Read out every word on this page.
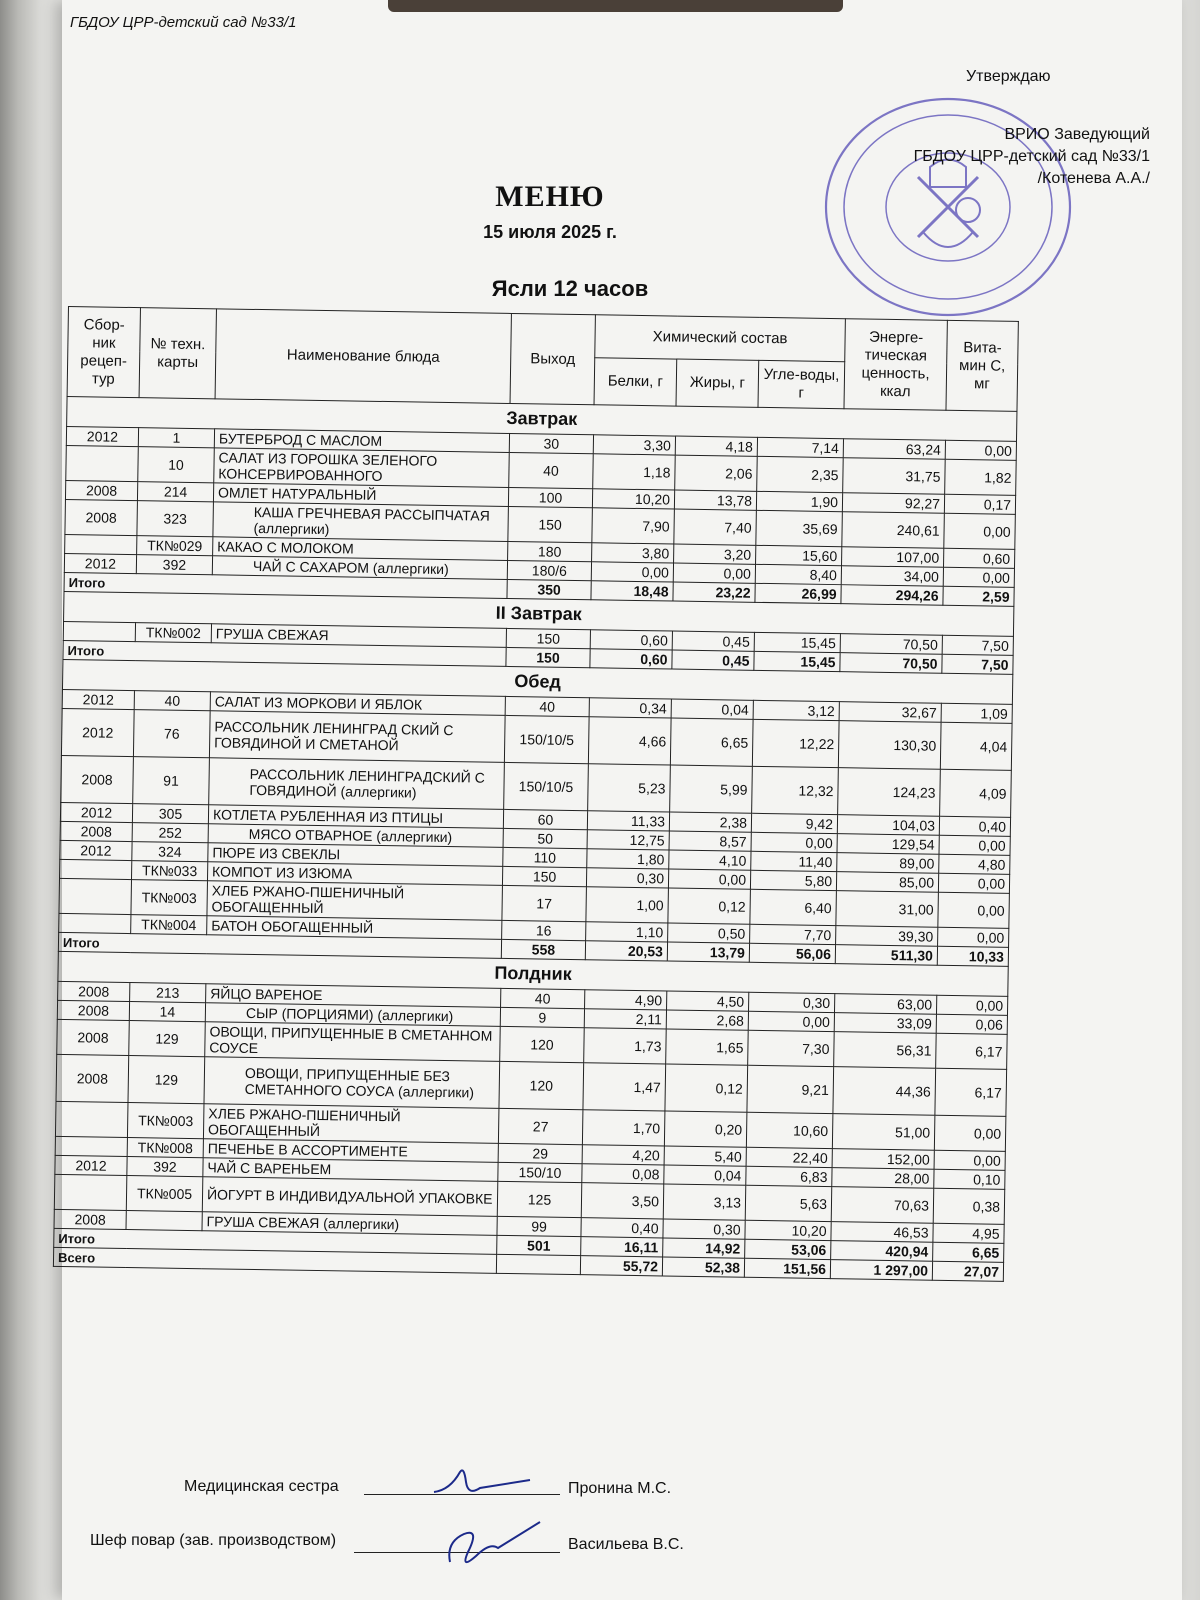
ГБДОУ ЦРР-детский сад №33/1
Утверждаю
ВРИО Заведующий
ГБДОУ ЦРР-детский сад №33/1
/Котенева А.А./
МЕНЮ
15 июля 2025 г.
Ясли 12 часов
Сбор-ник рецеп-тур	№ техн. карты	Наименование блюда	Выход	Химический состав			Энерге-тическая ценность, ккал	Вита-мин С, мг
				Белки, г	Жиры, г	Угле-воды, г		
Завтрак								
2012	1	БУТЕРБРОД С МАСЛОМ	30	3,30	4,18	7,14	63,24	0,00
	10	САЛАТ ИЗ ГОРОШКА ЗЕЛЕНОГО КОНСЕРВИРОВАННОГО	40	1,18	2,06	2,35	31,75	1,82
2008	214	ОМЛЕТ НАТУРАЛЬНЫЙ	100	10,20	13,78	1,90	92,27	0,17
2008	323	КАША ГРЕЧНЕВАЯ РАССЫПЧАТАЯ (аллергики)	150	7,90	7,40	35,69	240,61	0,00
	ТК№029	КАКАО С МОЛОКОМ	180	3,80	3,20	15,60	107,00	0,60
2012	392	ЧАЙ С САХАРОМ (аллергики)	180/6	0,00	0,00	8,40	34,00	0,00
Итого			350	18,48	23,22	26,99	294,26	2,59
II Завтрак								
	ТК№002	ГРУША СВЕЖАЯ	150	0,60	0,45	15,45	70,50	7,50
Итого			150	0,60	0,45	15,45	70,50	7,50
Обед								
2012	40	САЛАТ ИЗ МОРКОВИ И ЯБЛОК	40	0,34	0,04	3,12	32,67	1,09
2012	76	РАССОЛЬНИК ЛЕНИНГРАД СКИЙ С ГОВЯДИНОЙ И СМЕТАНОЙ	150/10/5	4,66	6,65	12,22	130,30	4,04
2008	91	РАССОЛЬНИК ЛЕНИНГРАДСКИЙ С ГОВЯДИНОЙ (аллергики)	150/10/5	5,23	5,99	12,32	124,23	4,09
2012	305	КОТЛЕТА РУБЛЕННАЯ ИЗ ПТИЦЫ	60	11,33	2,38	9,42	104,03	0,40
2008	252	МЯСО ОТВАРНОЕ (аллергики)	50	12,75	8,57	0,00	129,54	0,00
2012	324	ПЮРЕ ИЗ СВЕКЛЫ	110	1,80	4,10	11,40	89,00	4,80
	ТК№033	КОМПОТ ИЗ ИЗЮМА	150	0,30	0,00	5,80	85,00	0,00
	ТК№003	ХЛЕБ РЖАНО-ПШЕНИЧНЫЙ ОБОГАЩЕННЫЙ	17	1,00	0,12	6,40	31,00	0,00
	ТК№004	БАТОН ОБОГАЩЕННЫЙ	16	1,10	0,50	7,70	39,30	0,00
Итого			558	20,53	13,79	56,06	511,30	10,33
Полдник								
2008	213	ЯЙЦО ВАРЕНОЕ	40	4,90	4,50	0,30	63,00	0,00
2008	14	СЫР (ПОРЦИЯМИ) (аллергики)	9	2,11	2,68	0,00	33,09	0,06
2008	129	ОВОЩИ, ПРИПУЩЕННЫЕ В СМЕТАННОМ СОУСЕ	120	1,73	1,65	7,30	56,31	6,17
2008	129	ОВОЩИ, ПРИПУЩЕННЫЕ БЕЗ СМЕТАННОГО СОУСА (аллергики)	120	1,47	0,12	9,21	44,36	6,17
	ТК№003	ХЛЕБ РЖАНО-ПШЕНИЧНЫЙ ОБОГАЩЕННЫЙ	27	1,70	0,20	10,60	51,00	0,00
	ТК№008	ПЕЧЕНЬЕ В АССОРТИМЕНТЕ	29	4,20	5,40	22,40	152,00	0,00
2012	392	ЧАЙ С ВАРЕНЬЕМ	150/10	0,08	0,04	6,83	28,00	0,10
	ТК№005	ЙОГУРТ В ИНДИВИДУАЛЬНОЙ УПАКОВКЕ	125	3,50	3,13	5,63	70,63	0,38
2008		ГРУША СВЕЖАЯ (аллергики)	99	0,40	0,30	10,20	46,53	4,95
Итого			501	16,11	14,92	53,06	420,94	6,65
Всего				55,72	52,38	151,56	1 297,00	27,07
Медицинская сестра	Пронина М.С.
Шеф повар (зав. производством)	Васильева В.С.
